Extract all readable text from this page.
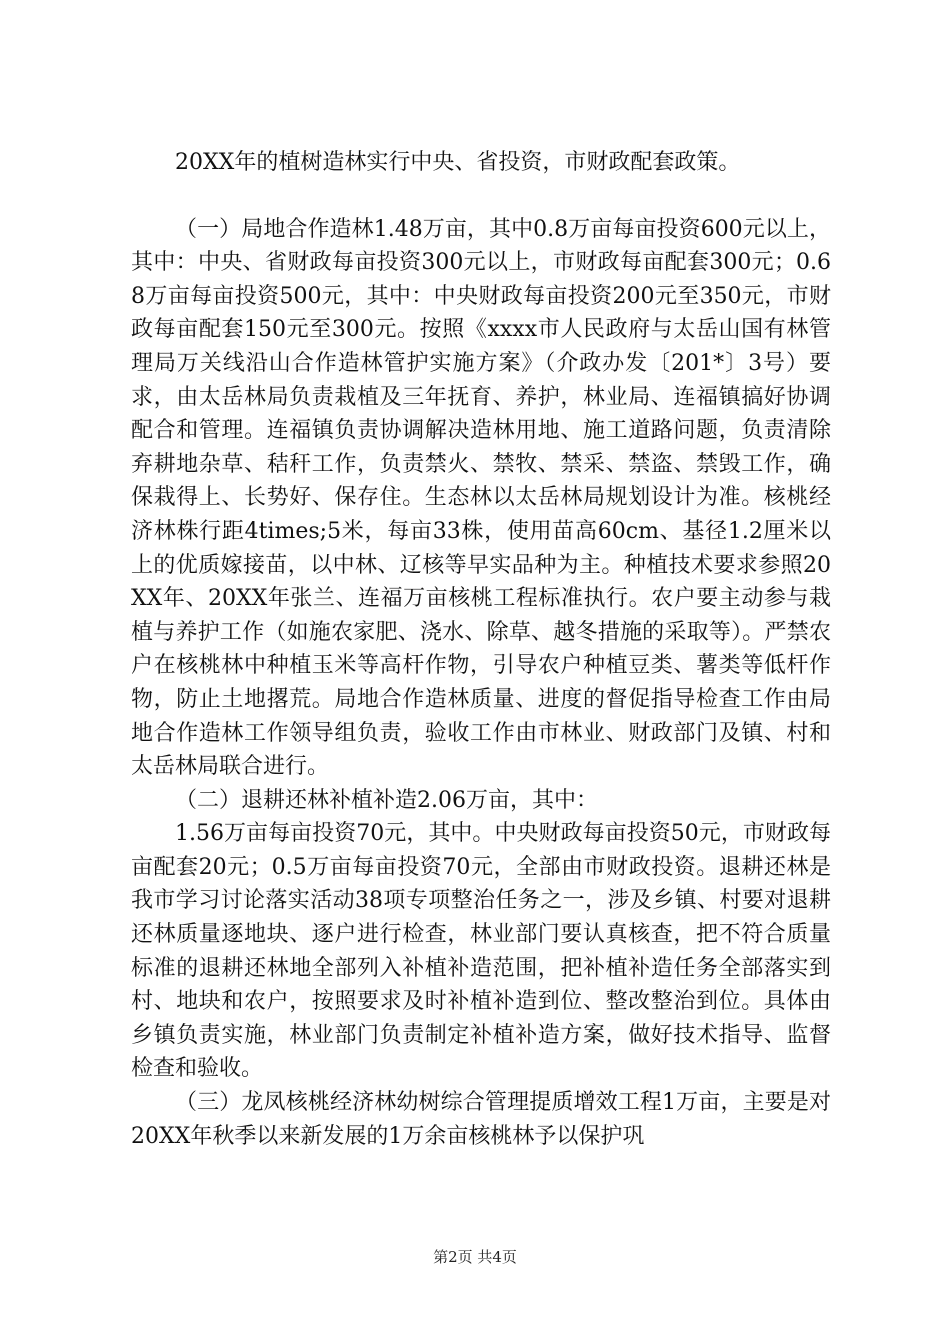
20XX年的植树造林实行中央、省投资，市财政配套政策。

（一）局地合作造林1.48万亩，其中0.8万亩每亩投资600元以上，其中：中央、省财政每亩投资300元以上，市财政每亩配套300元；0.68万亩每亩投资500元，其中：中央财政每亩投资200元至350元，市财政每亩配套150元至300元。按照《xxxx市人民政府与太岳山国有林管理局万关线沿山合作造林管护实施方案》（介政办发〔201*〕3号）要求，由太岳林局负责栽植及三年抚育、养护，林业局、连福镇搞好协调配合和管理。连福镇负责协调解决造林用地、施工道路问题，负责清除弃耕地杂草、秸秆工作，负责禁火、禁牧、禁采、禁盗、禁毁工作，确保栽得上、长势好、保存住。生态林以太岳林局规划设计为准。核桃经济林株行距4times;5米，每亩33株，使用苗高60cm、基径1.2厘米以上的优质嫁接苗，以中林、辽核等早实品种为主。种植技术要求参照20XX年、20XX年张兰、连福万亩核桃工程标准执行。农户要主动参与栽植与养护工作（如施农家肥、浇水、除草、越冬措施的采取等）。严禁农户在核桃林中种植玉米等高杆作物，引导农户种植豆类、薯类等低杆作物，防止土地撂荒。局地合作造林质量、进度的督促指导检查工作由局地合作造林工作领导组负责，验收工作由市林业、财政部门及镇、村和太岳林局联合进行。

（二）退耕还林补植补造2.06万亩，其中：

1.56万亩每亩投资70元，其中。中央财政每亩投资50元，市财政每亩配套20元；0.5万亩每亩投资70元，全部由市财政投资。退耕还林是我市学习讨论落实活动38项专项整治任务之一，涉及乡镇、村要对退耕还林质量逐地块、逐户进行检查，林业部门要认真核查，把不符合质量标准的退耕还林地全部列入补植补造范围，把补植补造任务全部落实到村、地块和农户，按照要求及时补植补造到位、整改整治到位。具体由乡镇负责实施，林业部门负责制定补植补造方案，做好技术指导、监督检查和验收。

（三）龙凤核桃经济林幼树综合管理提质增效工程1万亩，主要是对20XX年秋季以来新发展的1万余亩核桃林予以保护巩

第2页 共4页
